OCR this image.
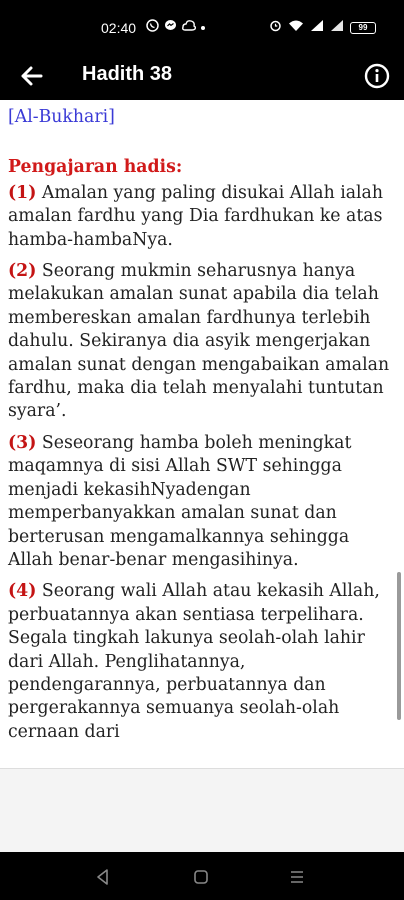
02:40	99
Hadith 38
[Al-Bukhari]
Pengajaran hadis:

(1) Amalan yang paling disukai Allah ialah amalan fardhu yang Dia fardhukan ke atas hamba-hambaNya.

(2) Seorang mukmin seharusnya hanya melakukan amalan sunat apabila dia telah membereskan amalan fardhunya terlebih dahulu. Sekiranya dia asyik mengerjakan amalan sunat dengan mengabaikan amalan fardhu, maka dia telah menyalahi tuntutan syara’.

(3) Seseorang hamba boleh meningkat maqamnya di sisi Allah SWT sehingga menjadi kekasihNyadengan memperbanyakkan amalan sunat dan berterusan mengamalkannya sehingga Allah benar-benar mengasihinya.

(4) Seorang wali Allah atau kekasih Allah, perbuatannya akan sentiasa terpelihara. Segala tingkah lakunya seolah-olah lahir dari Allah. Penglihatannya, pendengarannya, perbuatannya dan pergerakannya semuanya seolah-olah cernaan dari
